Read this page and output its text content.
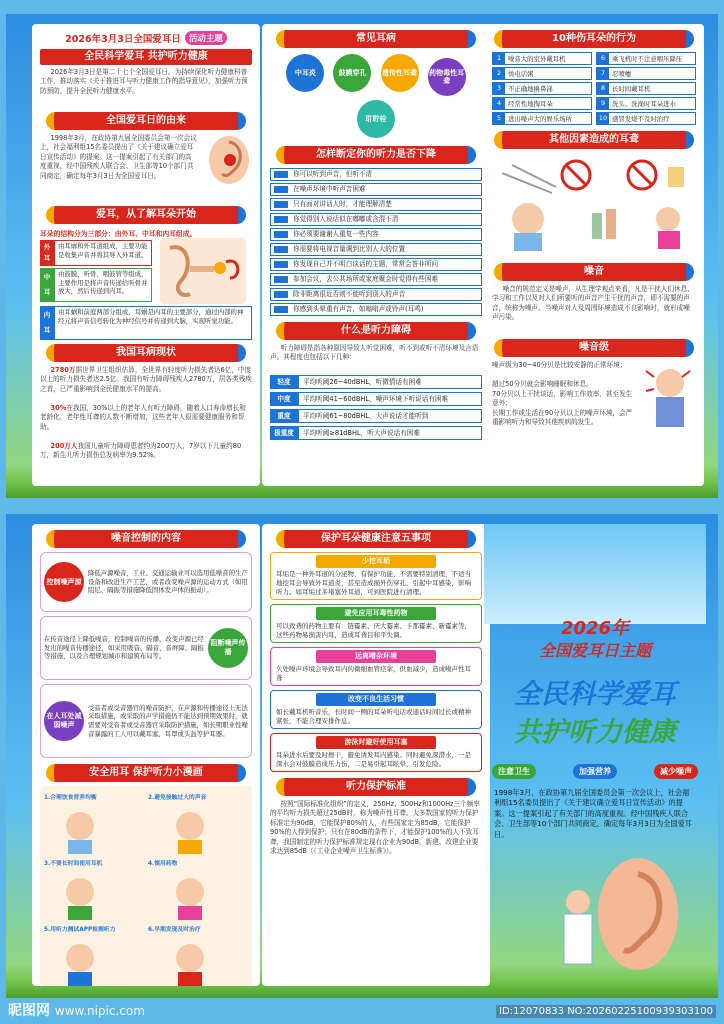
2026年3月3日全国爱耳日 活动主题
全民科学爱耳 共护听力健康
2026年3月3日是第二十七个全国爱耳日。为持续深化听力健康科普工作，推动落实《关于推进耳与听力健康工作的指导意见》，加强听力预防预防，提升全民听力健康水平。
全国爱耳日的由来
1998年3月，在政协第九届全国委员会第一次会议上，社会福利组15名委员提出了《关于建议确立爱耳日宣传活动》的提案。这一提案引起了有关部门的高度重视，经中国残疾人联合会、卫生部等10个部门共同商定，确定每年3月3日为全国爱耳日。
爱耳，从了解耳朵开始
耳朵的结构分为三部分：由外耳、中耳和内耳组成。
外耳
由耳廓和外耳道组成，主要功能是收集声音并将其导入外耳道。
中耳
由鼓膜、听骨、咽鼓管等组成，主要作用是将声音传递给听骨并放大，然后传递到内耳。
内耳
由耳蜗和前庭两部分组成，耳蜗是内耳的主要部分，通过内部的神经元将声音信号转化为神经信号并传递到大脑，实现听觉功能。
我国耳病现状
2780万据世界卫生组织估算，全世界有轻度听力损失者达6亿，中度以上的听力损失者达2.5亿。我国有听力障碍残疾人2780万，居各类残疾之首，已严重影响到全民健康水平的提高。
30%在我国，30%以上的老年人有听力障碍，随着人口寿命增长和老龄化，老年性耳聋的人数不断增加，这些老年人很需要健康服务和帮助。
200万人我国儿童听力障碍患者约为200万人，7岁以下儿童约80万，新生儿听力损伤总发病率为9.52%。
常见耳病
中耳炎	鼓膜穿孔 遗传性耳聋 药物毒性耳聋 耵聍栓
怎样断定你的听力是否下降
你可以听到声音，但听不清
在噪声环境中听声音困难
只有面对讲话人时，才能理解清楚
你觉得别人说话似在嘟嘟或含混不清
你必须要谢谢人重复一些内容
你需要将电视音量调到比别人大的位置
你发现自己并不明白谈话的主题，常常会答非所问
参加会议，去公共场所或家庭聚会时觉得有些困难
除非距离很近否则不能听到别人的声音
你感到头晕重有声音，如嗡嗡声或铃声(耳鸣)
什么是听力障碍
听力障碍是指各种原因导致人听觉困难，听不到或听不清环境及言语声。其程度也包括以下几种：
轻度	平均听阈26~40dBHL，听微情话有困难
中度	平均听阈41~60dBHL，噪声环境下听说话有困难
重度	平均听阈61~80dBHL，大声说话才能听到
极重度	平均听阈≥81dBHL，听大声说话有困难
10种伤耳朵的行为
1	噪音大的室外戴耳机	6	乘飞机时不注意咽压降压
2	烫电话粥	7	忍喷嚏
3	不正确地擤鼻涕	8	长时间戴耳机
4	经常性地掏耳朵	9	洗头、洗澡时耳朵进水
5	进出噪声大的娱乐场所	10 感冒发烧不及时治疗
其他因素造成的耳聋
噪音
噪音的规范定义是噪声，从生理学观点来看，凡是干扰人们休息、学习和工作以及对人们所要听的声音产生干扰的声音，即不需要的声音，统称为噪声。当噪声对人及周围环境造成不良影响时，就形成噪声污染。
噪音级
噪声级为30~40分贝是比较安静的正常环境；
超过50分贝就会影响睡眠和休息。
70分贝以上干扰谈话，影响工作效率，甚至发生意外；
长期工作或生活在90分贝以上的噪声环境，会严重影响听力和导致其他疾病的发生。
噪音控制的内容
控制噪声源
降低声源噪音，工业、交通运输业可以选用低噪音的生产设备和改进生产工艺，或者改变噪声源的运动方式（如用阻尼、隔振等措施降低固体发声体的振动）。
在传音途径上降低噪音，控制噪音的传播，改变声源已经发出的噪音传播途径，如采用吸音、隔音、音屏障、隔振等措施，以及合理规划城市和建筑布局等。
阻断噪声传播
在人耳处减弱噪声
受音者或受音器官的噪音防护，在声源和传播途径上无法采取措施，或采取的声学措施仍不能达到预期效果时，就需要对受音者或受音器官采取防护措施，如长期职业性噪音暴露的工人可以戴耳塞、耳罩或头盔等护耳器。
安全用耳 保护听力小漫画
1.合理饮食营养均衡	2.避免接触过大的声音
3.不要长时间使用耳机	4.慎用药物
5.用听力测试APP检测听力	6.早期发现及时治疗
保护耳朵健康注意五事项
少挖耳垢
耳垢是一种外耳道的分泌物，有保护功能，不需要特别清理，不适当地挖耳会导致外耳道炎，甚至造成损外伤穿孔，引起中耳感染，影响听力。如耳垢过多堵塞外耳道，可到医院进行清理。
避免应用耳毒性药物
可以致聋的药物主要有：链霉素、庆大霉素、卡那霉素、新霉素等，这些药物易损害内耳，造成耳聋目和平失调。
远离嘈杂环境
久处噪声环境会导致耳内的微细血管痉挛，供血减少，造成噪声性耳聋
改变不良生活习惯
如长戴耳机听音乐，长时间一侧的耳朵听电话或通话时间过长或精神紧张，不能合理安排作息。
游泳时避好使用耳塞
耳朵进水后要及时擦干，避免诱发耳内感染。同时避免深潜水，一是深水会对鼓膜造成压力伤，二是易引起耳眩晕，引发危险。
听力保护标准
按照“国际标准化组织”的定义，250Hz、500Hz和1000Hz三个频率的平均听力损失超过25dB时，称为噪声性耳聋。大多数国家的听力保护标准定为90dB，它能保护80%的人，有些国家定为85dB，它能保护90%的人得到保护；只有在80dB的条件下，才能保护100%的人不致耳聋，我国制定的听力保护标准规定现有企业为90dB，新建、改建企业要求达到85dB（《工业企业噪声卫生标准》）。
2026年
全国爱耳日主题
全民科学爱耳
共护听力健康
注意卫生	加强营养	减少噪声
1998年3月，在政协第九届全国委员会第一次会议上，社会福利组15名委员提出了《关于建议确立爱耳日宣传活动》的提案。这一提案引起了有关部门的高度重视。经中国残疾人联合会、卫生部等10个部门共同商定，确定每年3月3日为全国爱耳日。
昵图网 www.nipic.com	ID:12070833 NO:20260225100939303100
